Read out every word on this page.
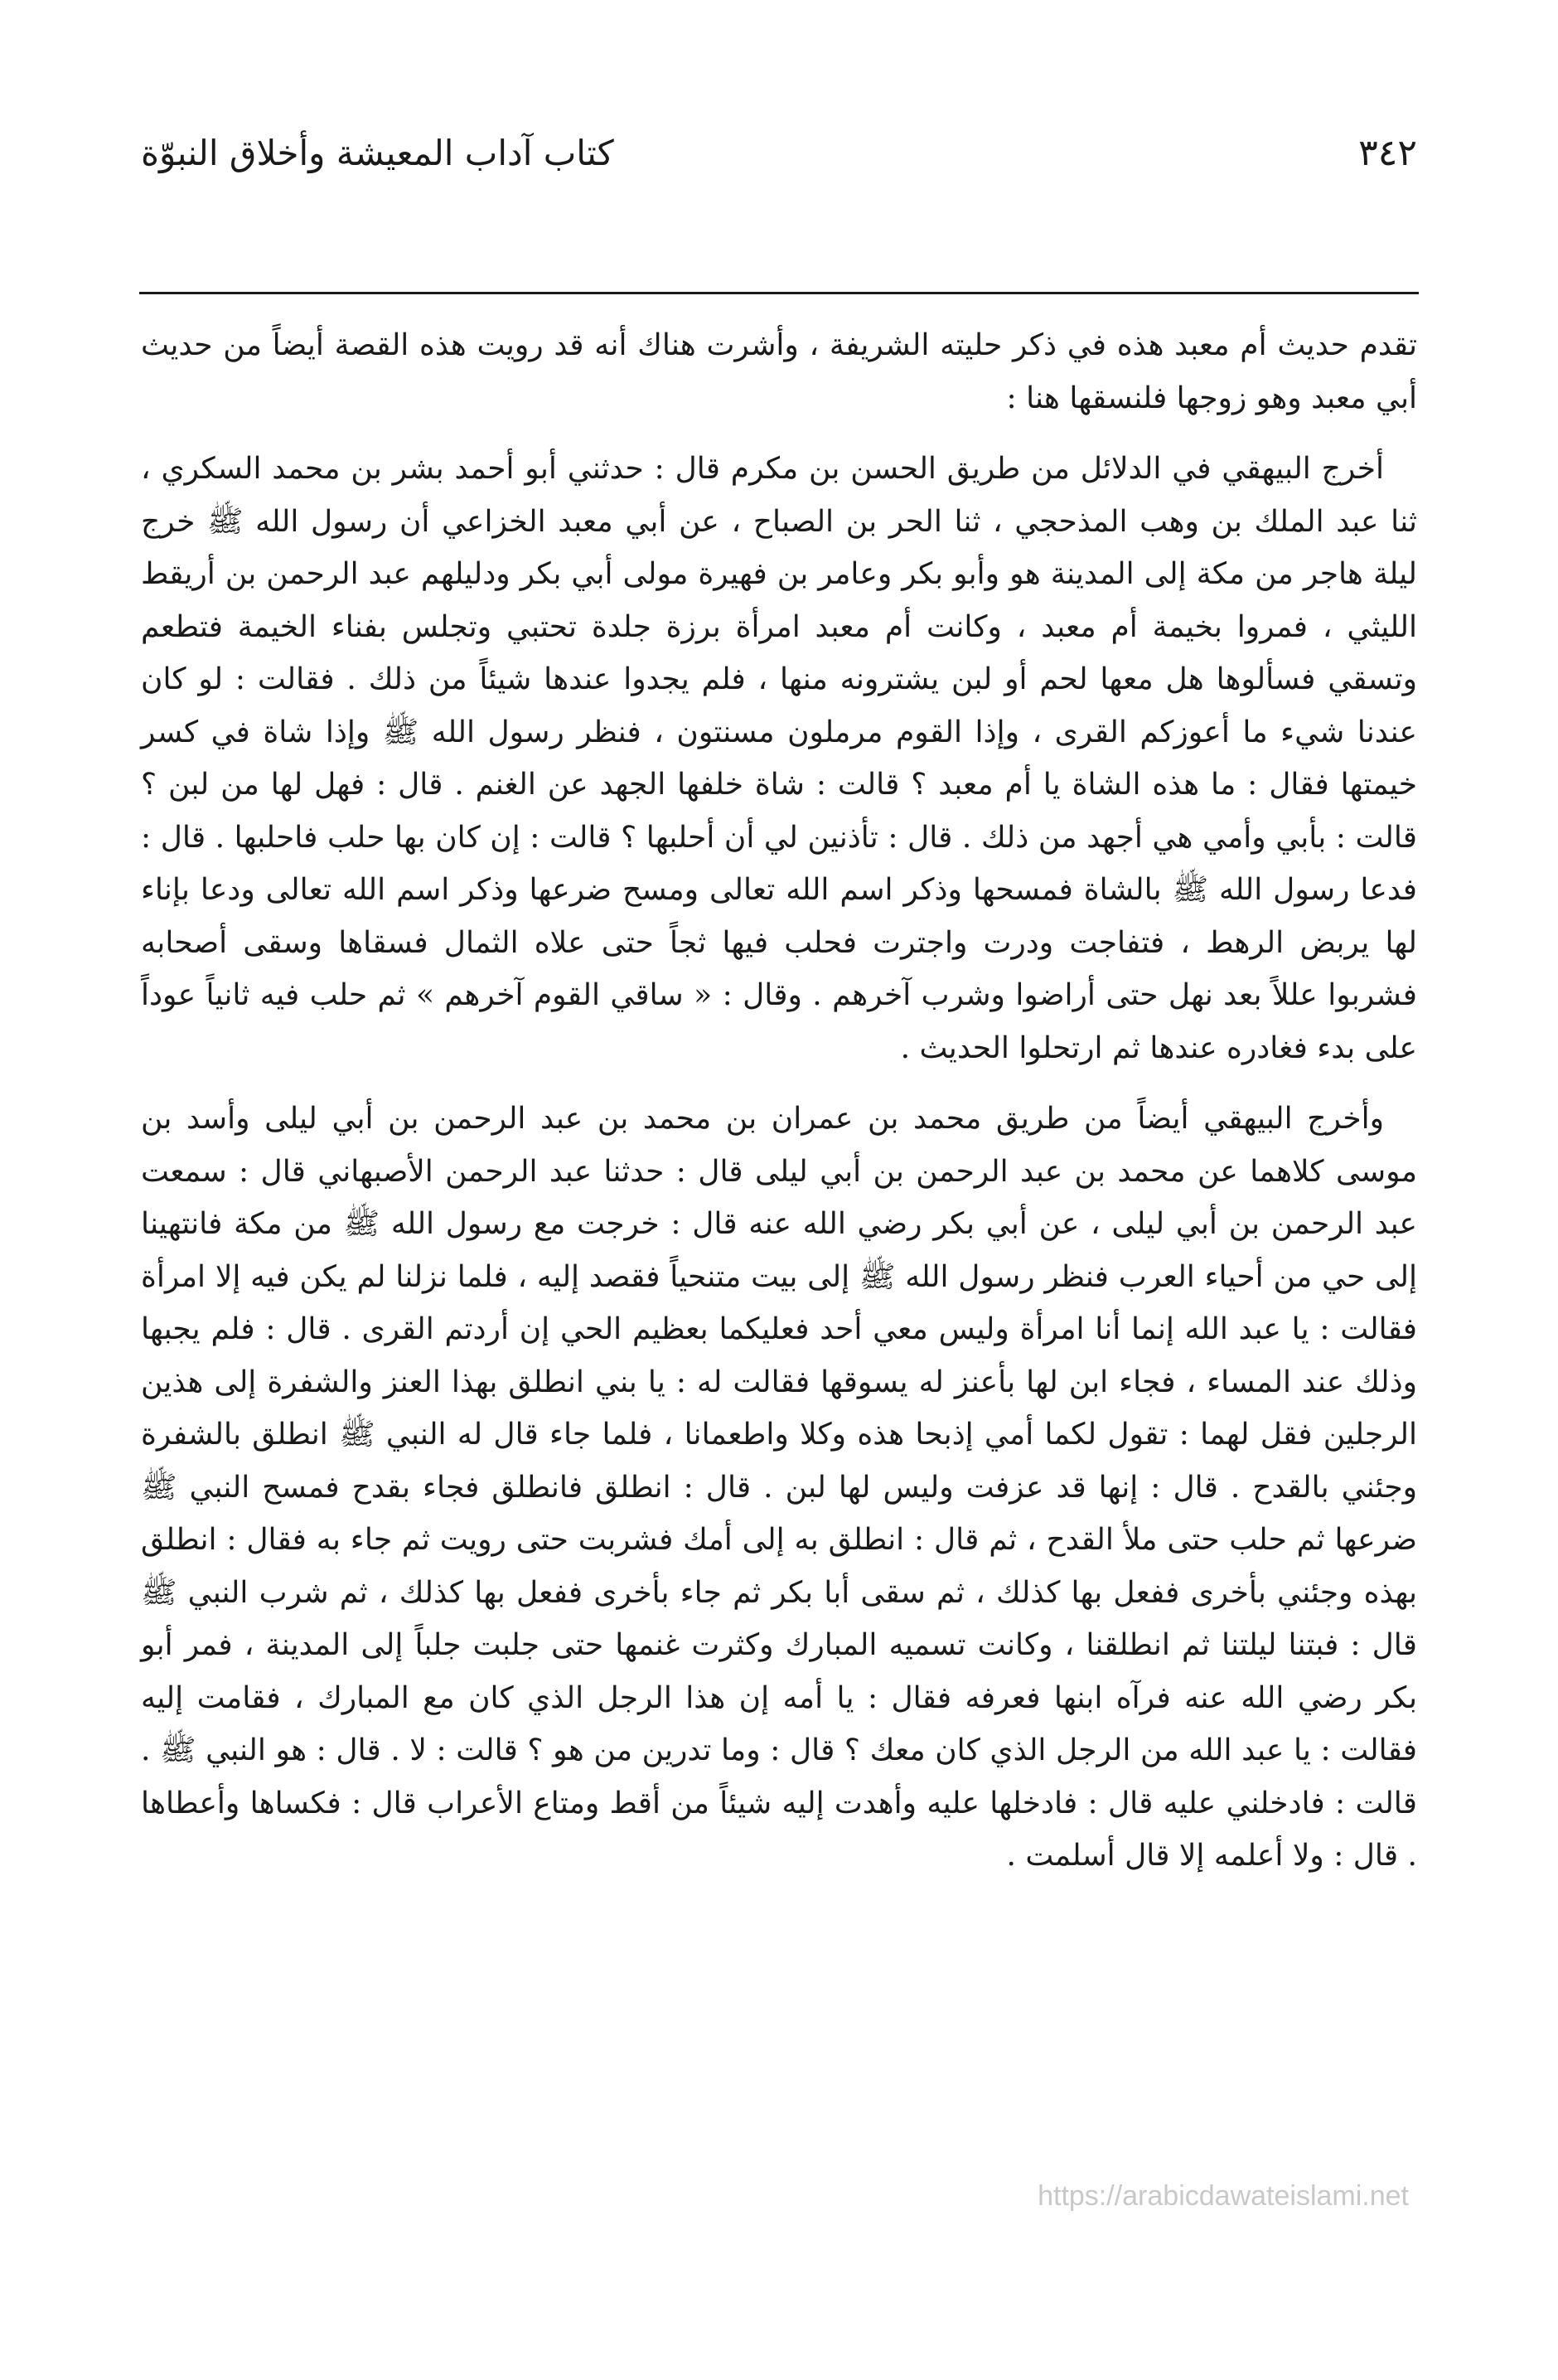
٣٤٢
كتاب آداب المعيشة وأخلاق النبوّة

تقدم حديث أم معبد هذه في ذكر حليته الشريفة ، وأشرت هناك أنه قد رويت هذه القصة أيضاً من حديث أبي معبد وهو زوجها فلنسقها هنا :

أخرج البيهقي في الدلائل من طريق الحسن بن مكرم قال : حدثني أبو أحمد بشر بن محمد السكري ، ثنا عبد الملك بن وهب المذحجي ، ثنا الحر بن الصباح ، عن أبي معبد الخزاعي أن رسول الله ﷺ خرج ليلة هاجر من مكة إلى المدينة هو وأبو بكر وعامر بن فهيرة مولى أبي بكر ودليلهم عبد الرحمن بن أريقط الليثي ، فمروا بخيمة أم معبد ، وكانت أم معبد امرأة برزة جلدة تحتبي وتجلس بفناء الخيمة فتطعم وتسقي فسألوها هل معها لحم أو لبن يشترونه منها ، فلم يجدوا عندها شيئاً من ذلك . فقالت : لو كان عندنا شيء ما أعوزكم القرى ، وإذا القوم مرملون مسنتون ، فنظر رسول الله ﷺ وإذا شاة في كسر خيمتها فقال : ما هذه الشاة يا أم معبد ؟ قالت : شاة خلفها الجهد عن الغنم . قال : فهل لها من لبن ؟ قالت : بأبي وأمي هي أجهد من ذلك . قال : تأذنين لي أن أحلبها ؟ قالت : إن كان بها حلب فاحلبها . قال : فدعا رسول الله ﷺ بالشاة فمسحها وذكر اسم الله تعالى ومسح ضرعها وذكر اسم الله تعالى ودعا بإناء لها يربض الرهط ، فتفاجت ودرت واجترت فحلب فيها ثجاً حتى علاه الثمال فسقاها وسقى أصحابه فشربوا عللاً بعد نهل حتى أراضوا وشرب آخرهم . وقال : « ساقي القوم آخرهم » ثم حلب فيه ثانياً عوداً على بدء فغادره عندها ثم ارتحلوا الحديث .

وأخرج البيهقي أيضاً من طريق محمد بن عمران بن محمد بن عبد الرحمن بن أبي ليلى وأسد بن موسى كلاهما عن محمد بن عبد الرحمن بن أبي ليلى قال : حدثنا عبد الرحمن الأصبهاني قال : سمعت عبد الرحمن بن أبي ليلى ، عن أبي بكر رضي الله عنه قال : خرجت مع رسول الله ﷺ من مكة فانتهينا إلى حي من أحياء العرب فنظر رسول الله ﷺ إلى بيت متنحياً فقصد إليه ، فلما نزلنا لم يكن فيه إلا امرأة فقالت : يا عبد الله إنما أنا امرأة وليس معي أحد فعليكما بعظيم الحي إن أردتم القرى . قال : فلم يجبها وذلك عند المساء ، فجاء ابن لها بأعنز له يسوقها فقالت له : يا بني انطلق بهذا العنز والشفرة إلى هذين الرجلين فقل لهما : تقول لكما أمي إذبحا هذه وكلا واطعمانا ، فلما جاء قال له النبي ﷺ انطلق بالشفرة وجئني بالقدح . قال : إنها قد عزفت وليس لها لبن . قال : انطلق فانطلق فجاء بقدح فمسح النبي ﷺ ضرعها ثم حلب حتى ملأ القدح ، ثم قال : انطلق به إلى أمك فشربت حتى رويت ثم جاء به فقال : انطلق بهذه وجئني بأخرى ففعل بها كذلك ، ثم سقى أبا بكر ثم جاء بأخرى ففعل بها كذلك ، ثم شرب النبي ﷺ قال : فبتنا ليلتنا ثم انطلقنا ، وكانت تسميه المبارك وكثرت غنمها حتى جلبت جلباً إلى المدينة ، فمر أبو بكر رضي الله عنه فرآه ابنها فعرفه فقال : يا أمه إن هذا الرجل الذي كان مع المبارك ، فقامت إليه فقالت : يا عبد الله من الرجل الذي كان معك ؟ قال : وما تدرين من هو ؟ قالت : لا . قال : هو النبي ﷺ . قالت : فادخلني عليه قال : فادخلها عليه وأهدت إليه شيئاً من أقط ومتاع الأعراب قال : فكساها وأعطاها . قال : ولا أعلمه إلا قال أسلمت .

https://arabicdawateislami.net
